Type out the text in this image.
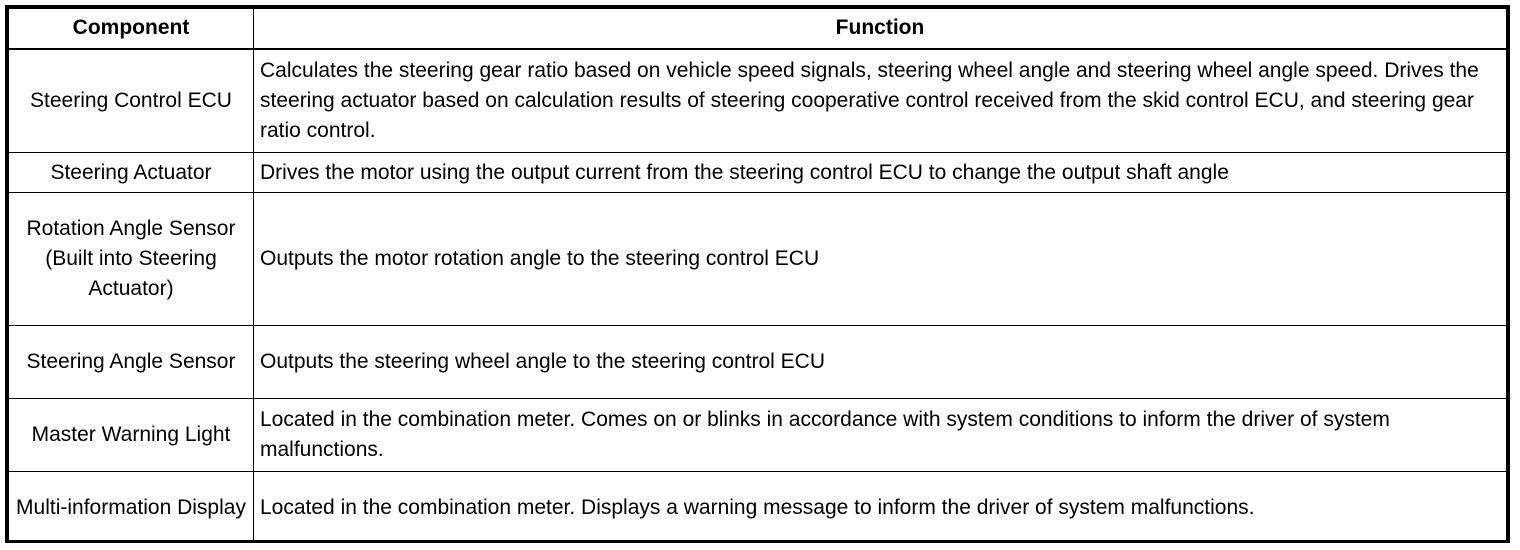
Component	Function
Steering Control ECU	Calculates the steering gear ratio based on vehicle speed signals, steering wheel angle and steering wheel angle speed. Drives the steering actuator based on calculation results of steering cooperative control received from the skid control ECU, and steering gear ratio control.
Steering Actuator	Drives the motor using the output current from the steering control ECU to change the output shaft angle
Rotation Angle Sensor (Built into Steering Actuator)	Outputs the motor rotation angle to the steering control ECU
Steering Angle Sensor	Outputs the steering wheel angle to the steering control ECU
Master Warning Light	Located in the combination meter. Comes on or blinks in accordance with system conditions to inform the driver of system malfunctions.
Multi-information Display	Located in the combination meter. Displays a warning message to inform the driver of system malfunctions.
